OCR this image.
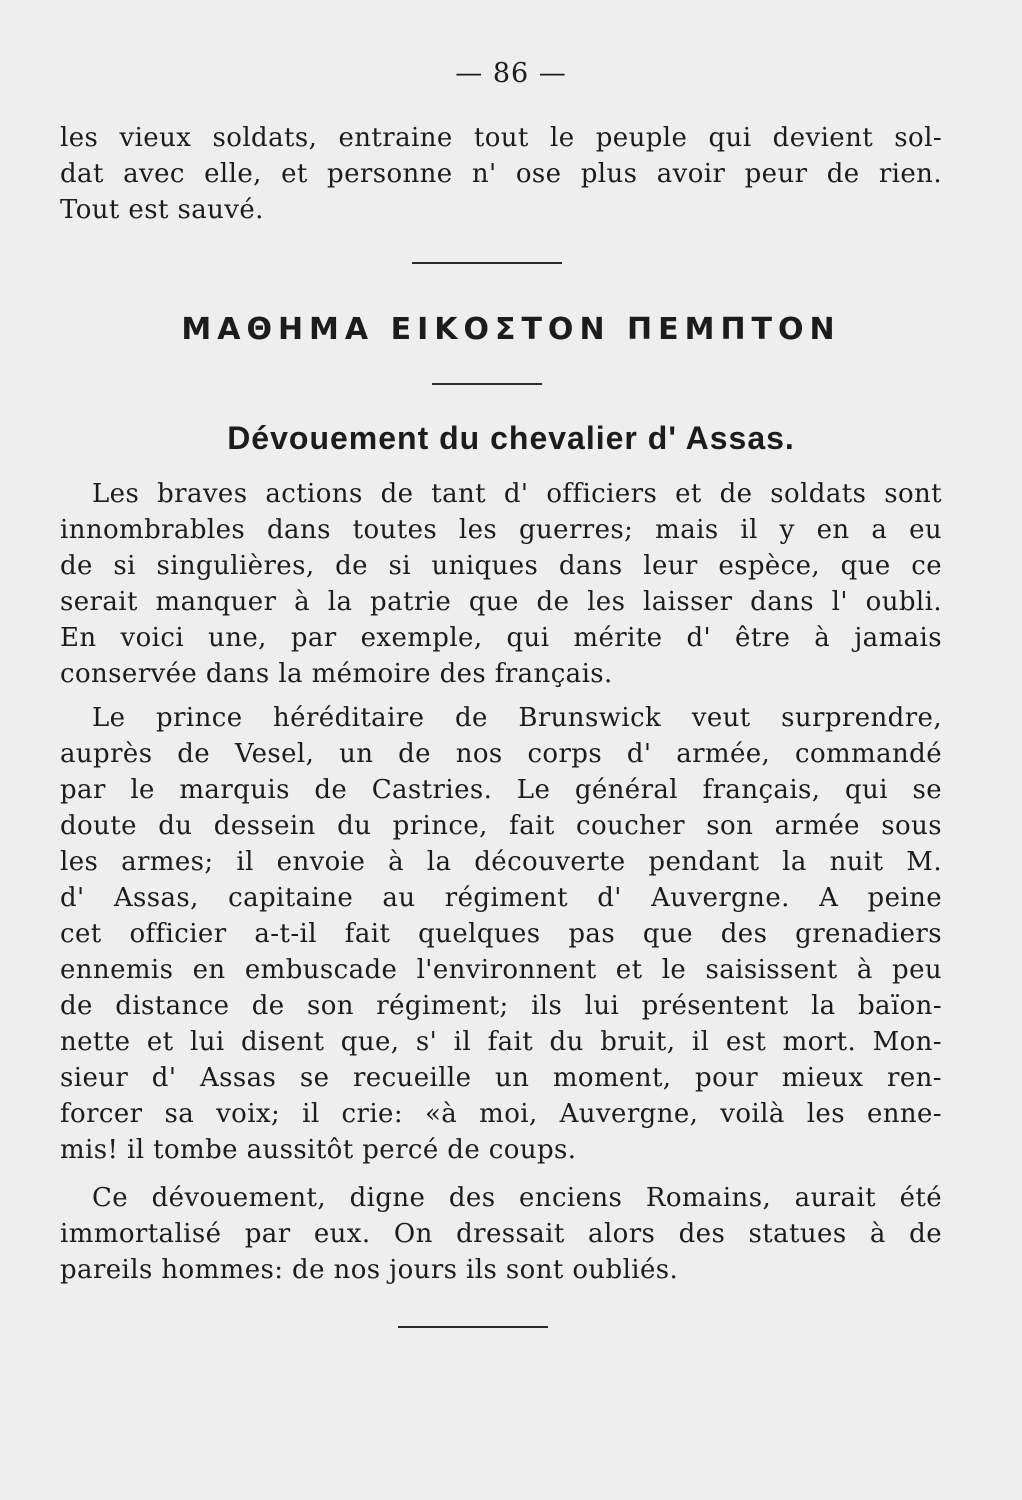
— 86 —
les vieux soldats, entraine tout le peuple qui devient sol-
dat avec elle, et personne n' ose plus avoir peur de rien.
Tout est sauvé.
ΜΑΘΗΜΑ ΕΙΚΟΣΤΟΝ ΠΕΜΠΤΟΝ
Dévouement du chevalier d' Assas.
Les braves actions de tant d' officiers et de soldats sont
innombrables dans toutes les guerres; mais il y en a eu
de si singulières, de si uniques dans leur espèce, que ce
serait manquer à la patrie que de les laisser dans l' oubli.
En voici une, par exemple, qui mérite d' être à jamais
conservée dans la mémoire des français.
Le prince héréditaire de Brunswick veut surprendre,
auprès de Vesel, un de nos corps d' armée, commandé
par le marquis de Castries. Le général français, qui se
doute du dessein du prince, fait coucher son armée sous
les armes; il envoie à la découverte pendant la nuit M.
d' Assas, capitaine au régiment d' Auvergne. A peine
cet officier a-t-il fait quelques pas que des grenadiers
ennemis en embuscade l'environnent et le saisissent à peu
de distance de son régiment; ils lui présentent la baïon-
nette et lui disent que, s' il fait du bruit, il est mort. Mon-
sieur d' Assas se recueille un moment, pour mieux ren-
forcer sa voix; il crie: «à moi, Auvergne, voilà les enne-
mis! il tombe aussitôt percé de coups.
Ce dévouement, digne des enciens Romains, aurait été
immortalisé par eux. On dressait alors des statues à de
pareils hommes: de nos jours ils sont oubliés.
